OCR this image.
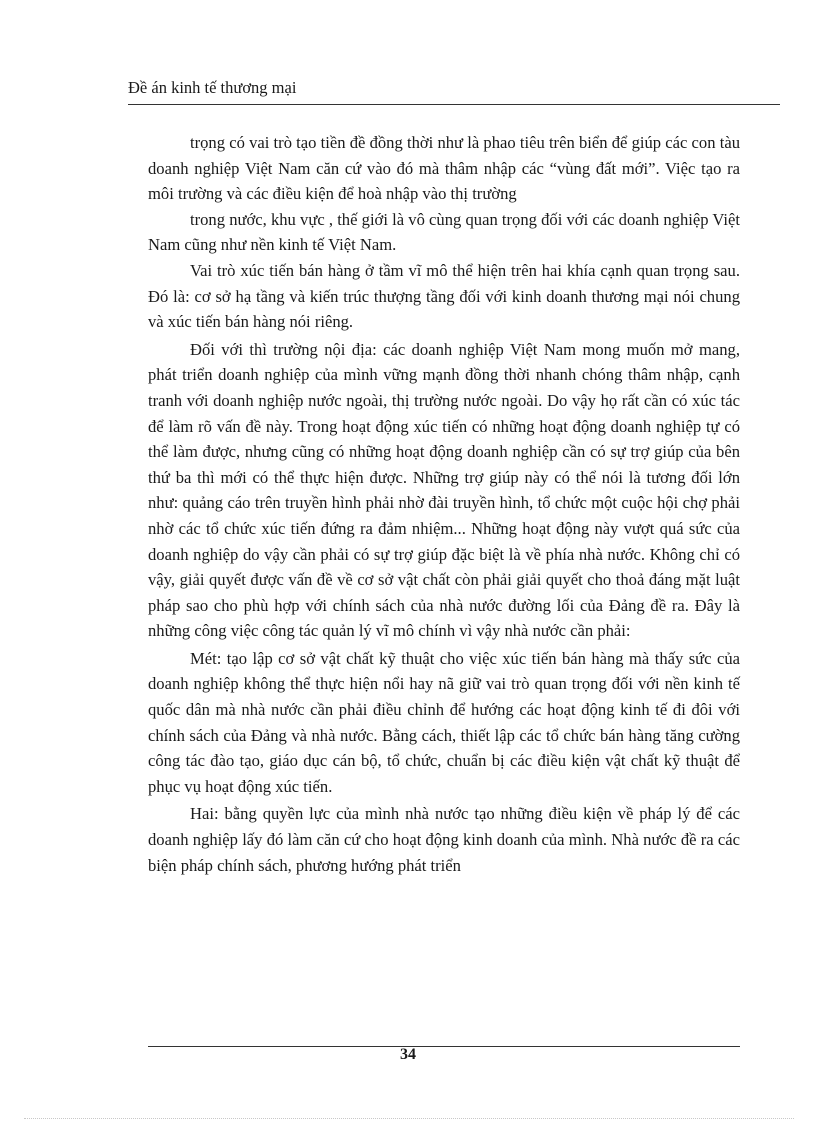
Đề án kinh tế thương mại

trọng có vai trò tạo tiền đề đồng thời như là phao tiêu trên biển để giúp các con tàu doanh nghiệp Việt Nam căn cứ vào đó mà thâm nhập các “vùng đất mới”. Việc tạo ra môi trường và các điều kiện để hoà nhập vào thị trường

trong nước, khu vực , thế giới là vô cùng quan trọng đối với các doanh nghiệp Việt Nam cũng như nền kinh tế Việt Nam.

Vai trò xúc tiến bán hàng ở tầm vĩ mô thể hiện trên hai khía cạnh quan trọng sau. Đó là: cơ sở hạ tầng và kiến trúc thượng tầng đối với kinh doanh thương mại nói chung và xúc tiến bán hàng nói riêng.

Đối với thì trường nội địa: các doanh nghiệp Việt Nam mong muốn mở mang, phát triển doanh nghiệp của mình vững mạnh đồng thời nhanh chóng thâm nhập, cạnh tranh với doanh nghiệp nước ngoài, thị trường nước ngoài. Do vậy họ rất cần có xúc tác để làm rõ vấn đề này. Trong hoạt động xúc tiến có những hoạt động doanh nghiệp tự có thể làm được, nhưng cũng có những hoạt động doanh nghiệp cần có sự trợ giúp của bên thứ ba thì mới có thể thực hiện được. Những trợ giúp này có thể nói là tương đối lớn như: quảng cáo trên truyền hình phải nhờ đài truyền hình, tổ chức một cuộc hội chợ phải nhờ các tổ chức xúc tiến đứng ra đảm nhiệm... Những hoạt động này vượt quá sức của doanh nghiệp do vậy cần phải có sự trợ giúp đặc biệt là về phía nhà nước. Không chỉ có vậy, giải quyết được vấn đề về cơ sở vật chất còn phải giải quyết cho thoả đáng mặt luật pháp sao cho phù hợp với chính sách của nhà nước đường lối của Đảng đề ra. Đây là những công việc công tác quản lý vĩ mô chính vì vậy nhà nước cần phải:

Mét: tạo lập cơ sở vật chất kỹ thuật cho việc xúc tiến bán hàng mà thấy sức của doanh nghiệp không thể thực hiện nổi hay nã giữ vai trò quan trọng đối với nền kinh tế quốc dân mà nhà nước cần phải điều chỉnh để hướng các hoạt động kinh tế đi đôi với chính sách của Đảng và nhà nước. Bằng cách, thiết lập các tổ chức bán hàng tăng cường công tác đào tạo, giáo dục cán bộ, tổ chức, chuẩn bị các điều kiện vật chất kỹ thuật để phục vụ hoạt động xúc tiến.

Hai: bằng quyền lực của mình nhà nước tạo những điều kiện về pháp lý để các doanh nghiệp lấy đó làm căn cứ cho hoạt động kinh doanh của mình. Nhà nước đề ra các biện pháp chính sách, phương hướng phát triển

34
